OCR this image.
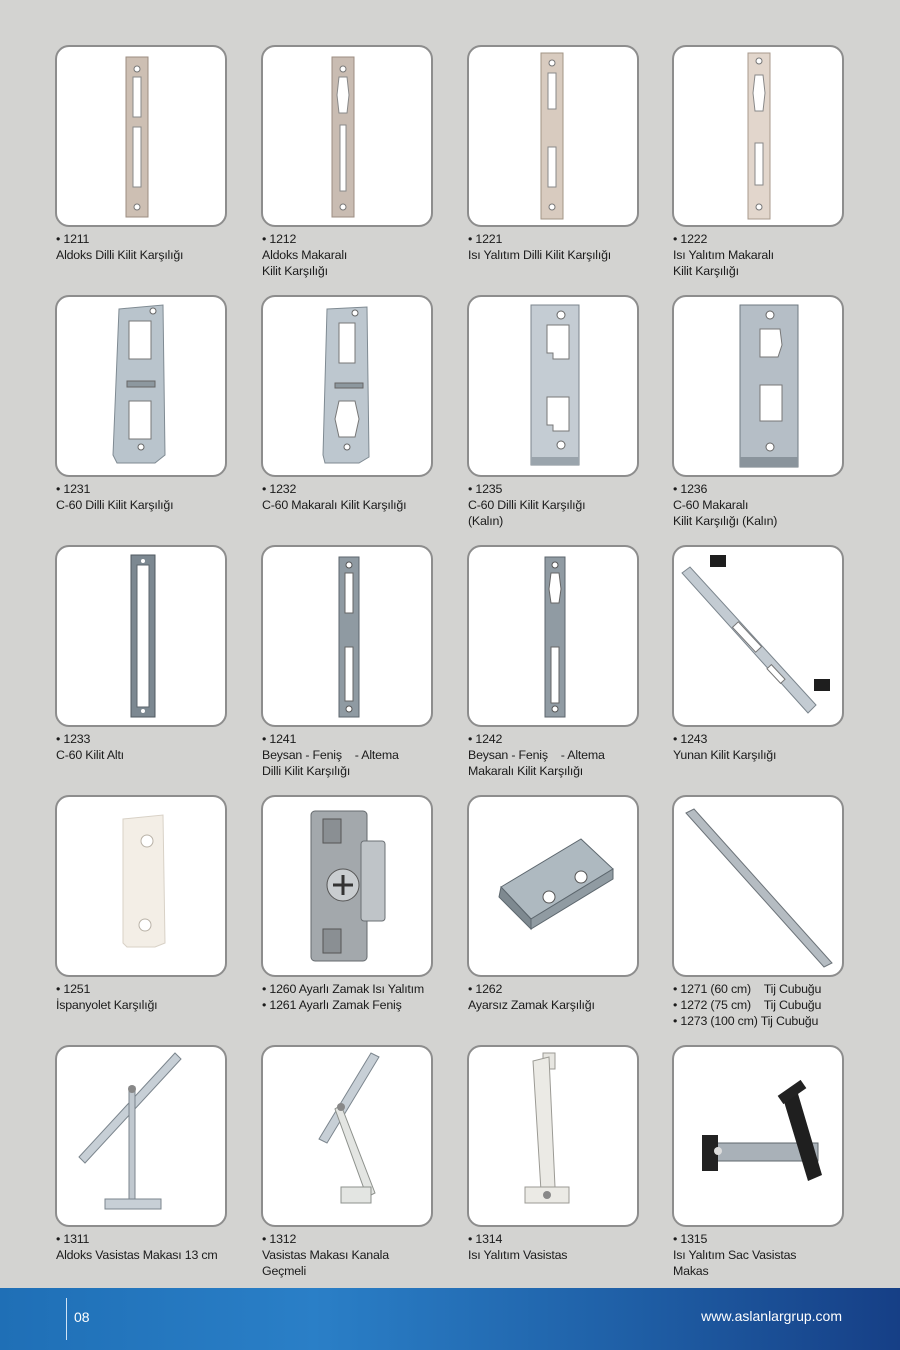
• 1211
Aldoks Dilli Kilit Karşılığı
• 1212
Aldoks Makaralı
Kilit Karşılığı
• 1221
Isı Yalıtım Dilli Kilit Karşılığı
• 1222
Isı Yalıtım Makaralı
Kilit Karşılığı
• 1231
C-60 Dilli Kilit Karşılığı
• 1232
C-60 Makaralı Kilit Karşılığı
• 1235
C-60 Dilli Kilit Karşılığı
(Kalın)
• 1236
C-60 Makaralı
Kilit Karşılığı (Kalın)
• 1233
C-60 Kilit Altı
• 1241
Beysan - Feniş    - Altema
Dilli Kilit Karşılığı
• 1242
Beysan - Feniş    - Altema
Makaralı Kilit Karşılığı
• 1243
Yunan Kilit Karşılığı
• 1251
İspanyolet Karşılığı
• 1260 Ayarlı Zamak Isı Yalıtım
• 1261 Ayarlı Zamak Feniş
• 1262
Ayarsız Zamak Karşılığı
• 1271 (60 cm)    Tij Cubuğu
• 1272 (75 cm)    Tij Cubuğu
• 1273 (100 cm) Tij Cubuğu
• 1311
Aldoks Vasistas Makası 13 cm
• 1312
Vasistas Makası Kanala
Geçmeli
• 1314
Isı Yalıtım Vasistas
• 1315
Isı Yalıtım Sac Vasistas
Makas
08	www.aslanlargrup.com
